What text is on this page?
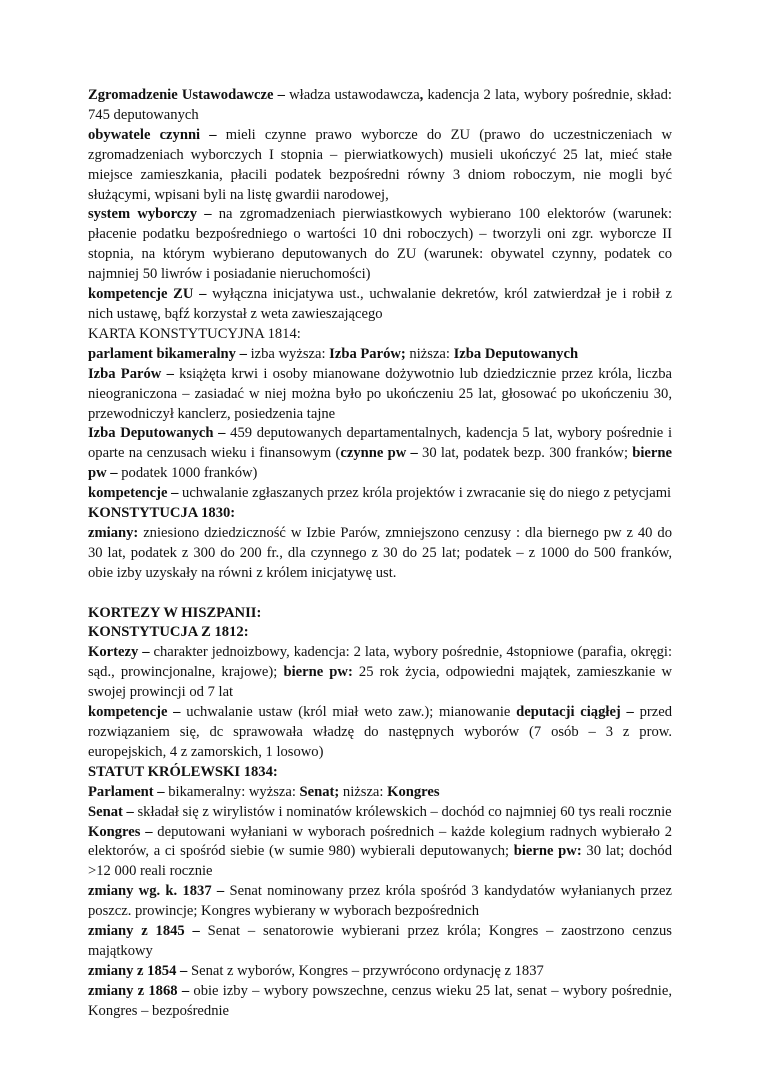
Zgromadzenie Ustawodawcze – władza ustawodawcza, kadencja 2 lata, wybory pośrednie, skład: 745 deputowanych
obywatele czynni – mieli czynne prawo wyborcze do ZU (prawo do uczestniczeniach w zgromadzeniach wyborczych I stopnia – pierwiatkowych) musieli ukończyć 25 lat, mieć stałe miejsce zamieszkania, płacili podatek bezpośredni równy 3 dniom roboczym, nie mogli być służącymi, wpisani byli na listę gwardii narodowej,
system wyborczy – na zgromadzeniach pierwiastkowych wybierano 100 elektorów (warunek: płacenie podatku bezpośredniego o wartości 10 dni roboczych) – tworzyli oni zgr. wyborcze II stopnia, na którym wybierano deputowanych do ZU (warunek: obywatel czynny, podatek co najmniej 50 liwrów i posiadanie nieruchomości)
kompetencje ZU – wyłączna inicjatywa ust., uchwalanie dekretów, król zatwierdzał je i robił z nich ustawę, bąfź korzystał z weta zawieszającego
KARTA KONSTYTUCYJNA 1814:
parlament bikameralny – izba wyższa: Izba Parów; niższa: Izba Deputowanych
Izba Parów – książęta krwi i osoby mianowane dożywotnio lub dziedzicznie przez króla, liczba nieograniczona – zasiadać w niej można było po ukończeniu 25 lat, głosować po ukończeniu 30, przewodniczył kanclerz, posiedzenia tajne
Izba Deputowanych – 459 deputowanych departamentalnych, kadencja 5 lat, wybory pośrednie i oparte na cenzusach wieku i finansowym (czynne pw – 30 lat, podatek bezp. 300 franków; bierne pw – podatek 1000 franków)
kompetencje – uchwalanie zgłaszanych przez króla projektów i zwracanie się do niego z petycjami
KONSTYTUCJA 1830:
zmiany: zniesiono dziedziczność w Izbie Parów, zmniejszono cenzusy : dla biernego pw z 40 do 30 lat, podatek z 300 do 200 fr., dla czynnego z 30 do 25 lat; podatek – z 1000 do 500 franków, obie izby uzyskały na równi z królem inicjatywę ust.
KORTEZY W HISZPANII:
KONSTYTUCJA Z 1812:
Kortezy – charakter jednoizbowy, kadencja: 2 lata, wybory pośrednie, 4stopniowe (parafia, okręgi: sąd., prowincjonalne, krajowe); bierne pw: 25 rok życia, odpowiedni majątek, zamieszkanie w swojej prowincji od 7 lat
kompetencje – uchwalanie ustaw (król miał weto zaw.); mianowanie deputacji ciągłej – przed rozwiązaniem się, dc sprawowała władzę do następnych wyborów (7 osób – 3 z prow. europejskich, 4 z zamorskich, 1 losowo)
STATUT KRÓLEWSKI 1834:
Parlament – bikameralny: wyższa: Senat; niższa: Kongres
Senat – składał się z wirylistów i nominatów królewskich – dochód co najmniej 60 tys reali rocznie
Kongres – deputowani wyłaniani w wyborach pośrednich – każde kolegium radnych wybierało 2 elektorów, a ci spośród siebie (w sumie 980) wybierali deputowanych; bierne pw: 30 lat; dochód >12 000 reali rocznie
zmiany wg. k. 1837 – Senat nominowany przez króla spośród 3 kandydatów wyłanianych przez poszcz. prowincje; Kongres wybierany w wyborach bezpośrednich
zmiany z 1845 – Senat – senatorowie wybierani przez króla; Kongres – zaostrzono cenzus majątkowy
zmiany z 1854 – Senat z wyborów, Kongres – przywrócono ordynację z 1837
zmiany z 1868 – obie izby – wybory powszechne, cenzus wieku 25 lat, senat – wybory pośrednie, Kongres – bezpośrednie
